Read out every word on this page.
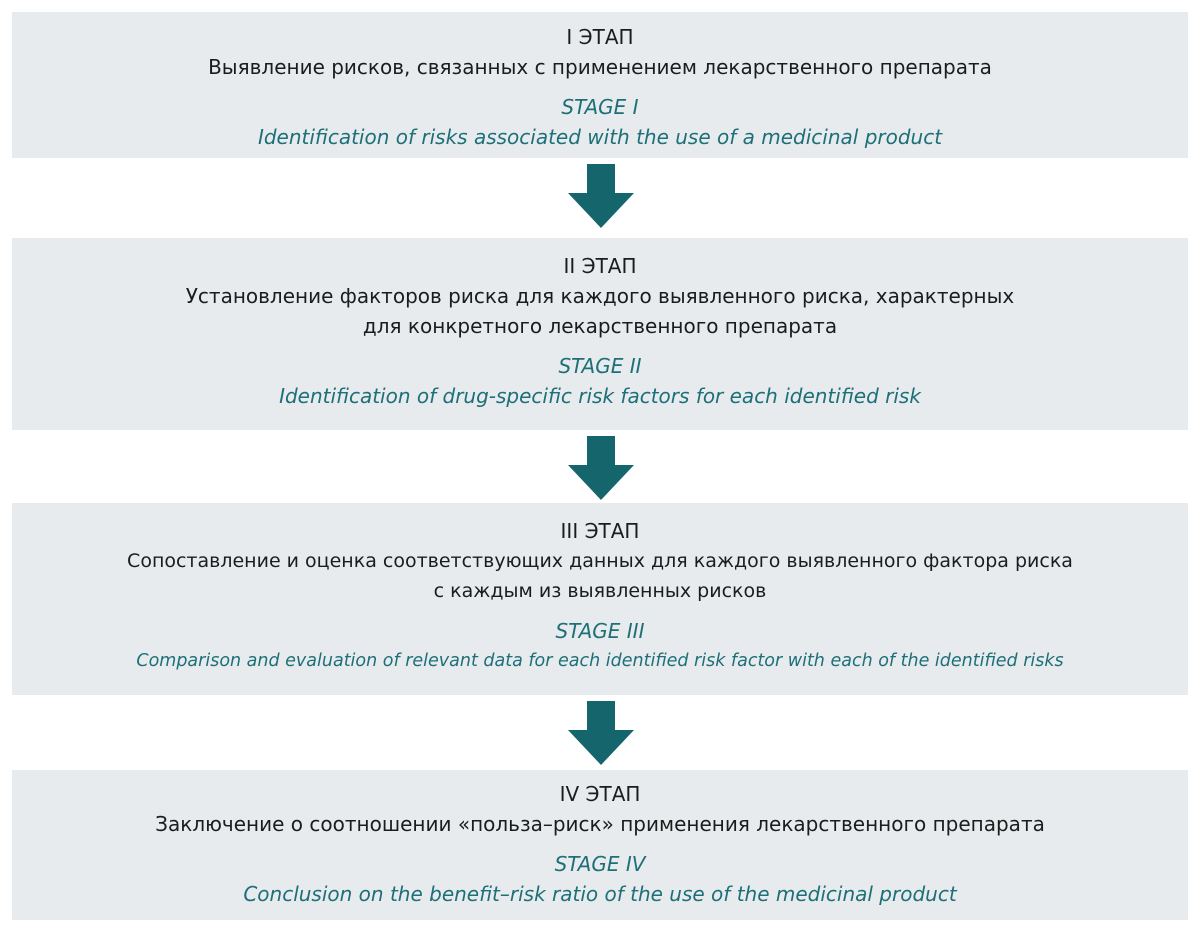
I ЭТАП
Выявление рисков, связанных с применением лекарственного препарата
STAGE I
Identification of risks associated with the use of a medicinal product
II ЭТАП
Установление факторов риска для каждого выявленного риска, характерных
для конкретного лекарственного препарата
STAGE II
Identification of drug-specific risk factors for each identified risk
III ЭТАП
Сопоставление и оценка соответствующих данных для каждого выявленного фактора риска
с каждым из выявленных рисков
STAGE III
Comparison and evaluation of relevant data for each identified risk factor with each of the identified risks
IV ЭТАП
Заключение о соотношении «польза–риск» применения лекарственного препарата
STAGE IV
Conclusion on the benefit–risk ratio of the use of the medicinal product
